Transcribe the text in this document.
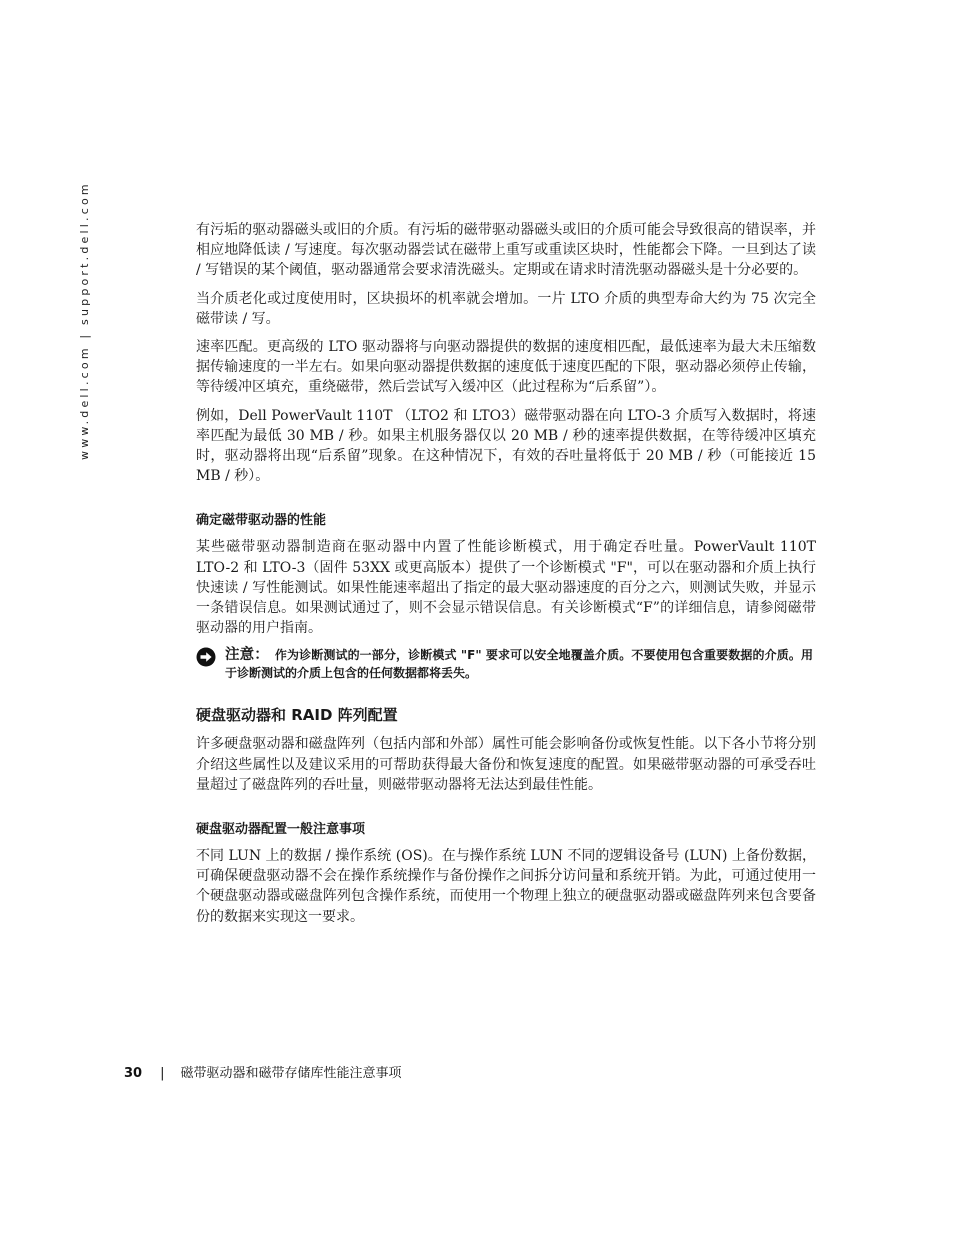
www.dell.com | support.dell.com	有污垢的驱动器磁头或旧的介质。有污垢的磁带驱动器磁头或旧的介质可能会导致很高的错误率，并相应地降低读 / 写速度。每次驱动器尝试在磁带上重写或重读区块时，性能都会下降。一旦到达了读 / 写错误的某个阈值，驱动器通常会要求清洗磁头。定期或在请求时清洗驱动器磁头是十分必要的。

当介质老化或过度使用时，区块损坏的机率就会增加。一片 LTO 介质的典型寿命大约为 75 次完全磁带读 / 写。

速率匹配。更高级的 LTO 驱动器将与向驱动器提供的数据的速度相匹配，最低速率为最大未压缩数据传输速度的一半左右。如果向驱动器提供数据的速度低于速度匹配的下限，驱动器必须停止传输，等待缓冲区填充，重绕磁带，然后尝试写入缓冲区（此过程称为“后系留”）。

例如，Dell PowerVault 110T （LTO2 和 LTO3）磁带驱动器在向 LTO-3 介质写入数据时，将速率匹配为最低 30 MB / 秒。如果主机服务器仅以 20 MB / 秒的速率提供数据，在等待缓冲区填充时，驱动器将出现“后系留”现象。在这种情况下，有效的吞吐量将低于 20 MB / 秒（可能接近 15 MB / 秒）。

确定磁带驱动器的性能

某些磁带驱动器制造商在驱动器中内置了性能诊断模式，用于确定吞吐量。PowerVault 110T LTO-2 和 LTO-3（固件 53XX 或更高版本）提供了一个诊断模式 "F"，可以在驱动器和介质上执行快速读 / 写性能测试。如果性能速率超出了指定的最大驱动器速度的百分之六，则测试失败，并显示一条错误信息。如果测试通过了，则不会显示错误信息。有关诊断模式“F”的详细信息，请参阅磁带驱动器的用户指南。

注意： 作为诊断测试的一部分，诊断模式 "F" 要求可以安全地覆盖介质。不要使用包含重要数据的介质。用于诊断测试的介质上包含的任何数据都将丢失。
硬盘驱动器和 RAID 阵列配置

许多硬盘驱动器和磁盘阵列（包括内部和外部）属性可能会影响备份或恢复性能。以下各小节将分别介绍这些属性以及建议采用的可帮助获得最大备份和恢复速度的配置。如果磁带驱动器的可承受吞吐量超过了磁盘阵列的吞吐量，则磁带驱动器将无法达到最佳性能。

硬盘驱动器配置一般注意事项

不同 LUN 上的数据 / 操作系统 (OS)。在与操作系统 LUN 不同的逻辑设备号 (LUN) 上备份数据，可确保硬盘驱动器不会在操作系统操作与备份操作之间拆分访问量和系统开销。为此，可通过使用一个硬盘驱动器或磁盘阵列包含操作系统，而使用一个物理上独立的硬盘驱动器或磁盘阵列来包含要备份的数据来实现这一要求。

30 | 磁带驱动器和磁带存储库性能注意事项
